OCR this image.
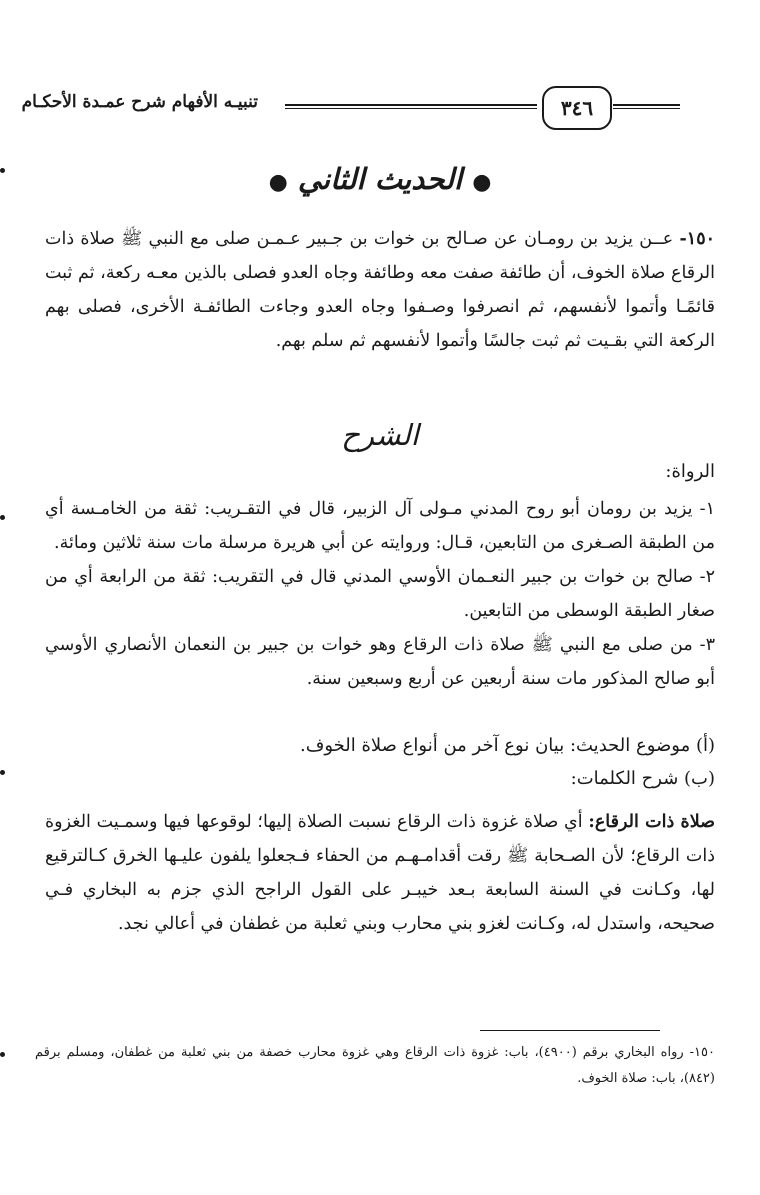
٣٤٦
تنبيـه الأفهام شرح عمـدة الأحكـام
● الحديث الثاني ●
١٥٠- عــن يزيد بن رومـان عن صـالح بن خوات بن جـبير عـمـن صلى مع النبي ﷺ صلاة ذات الرقاع صلاة الخوف، أن طائفة صفت معه وطائفة وجاه العدو فصلى بالذين معـه ركعة، ثم ثبت قائمًـا وأتموا لأنفسهم، ثم انصرفوا وصـفوا وجاه العدو وجاءت الطائفـة الأخرى، فصلى بهم الركعة التي بقـيت ثم ثبت جالسًا وأتموا لأنفسهم ثم سلم بهم.
الشرح
الرواة:
١- يزيد بن رومان أبو روح المدني مـولى آل الزبير، قال في التقـريب: ثقة من الخامـسة أي من الطبقة الصـغرى من التابعين، قـال: وروايته عن أبي هريرة مرسلة مات سنة ثلاثين ومائة.
٢- صالح بن خوات بن جبير النعـمان الأوسي المدني قال في التقريب: ثقة من الرابعة أي من صغار الطبقة الوسطى من التابعين.
٣- من صلى مع النبي ﷺ صلاة ذات الرقاع وهو خوات بن جبير بن النعمان الأنصاري الأوسي أبو صالح المذكور مات سنة أربعين عن أربع وسبعين سنة.
(أ) موضوع الحديث: بيان نوع آخر من أنواع صلاة الخوف.
(ب) شرح الكلمات:
صلاة ذات الرقاع: أي صلاة غزوة ذات الرقاع نسبت الصلاة إليها؛ لوقوعها فيها وسمـيت الغزوة ذات الرقاع؛ لأن الصـحابة ﷺ رقت أقدامـهـم من الحفاء فـجعلوا يلفون عليـها الخرق كـالترقيع لها، وكـانت في السنة السابعة بـعد خيبـر على القول الراجح الذي جزم به البخاري فـي صحيحه، واستدل له، وكـانت لغزو بني محارب وبني ثعلبة من غطفان في أعالي نجد.
١٥٠- رواه البخاري برقم (٤٩٠٠)، باب: غزوة ذات الرقاع وهي غزوة محارب خصفة من بني ثعلبة من غطفان، ومسلم برقم (٨٤٢)، باب: صلاة الخوف.
